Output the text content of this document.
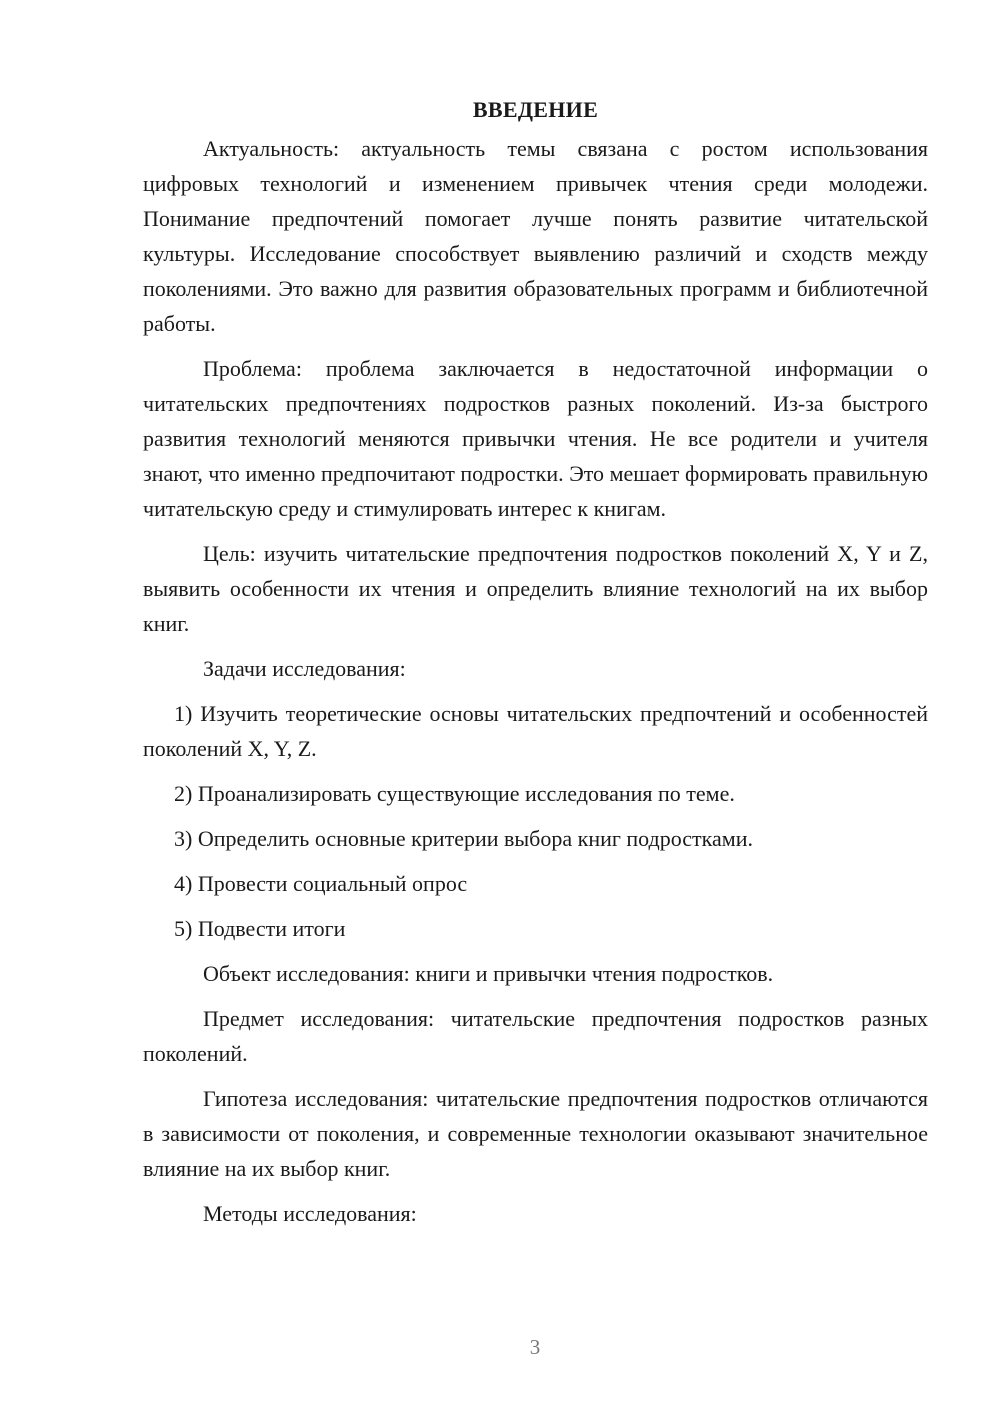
ВВЕДЕНИЕ

Актуальность: актуальность темы связана с ростом использования цифровых технологий и изменением привычек чтения среди молодежи. Понимание предпочтений помогает лучше понять развитие читательской культуры. Исследование способствует выявлению различий и сходств между поколениями. Это важно для развития образовательных программ и библиотечной работы.

Проблема: проблема заключается в недостаточной информации о читательских предпочтениях подростков разных поколений. Из-за быстрого развития технологий меняются привычки чтения. Не все родители и учителя знают, что именно предпочитают подростки. Это мешает формировать правильную читательскую среду и стимулировать интерес к книгам.

Цель: изучить читательские предпочтения подростков поколений X, Y и Z, выявить особенности их чтения и определить влияние технологий на их выбор книг.

Задачи исследования:

1) Изучить теоретические основы читательских предпочтений и особенностей поколений X, Y, Z.

2) Проанализировать существующие исследования по теме.

3) Определить основные критерии выбора книг подростками.

4) Провести социальный опрос

5) Подвести итоги

Объект исследования: книги и привычки чтения подростков.

Предмет исследования: читательские предпочтения подростков разных поколений.

Гипотеза исследования: читательские предпочтения подростков отличаются в зависимости от поколения, и современные технологии оказывают значительное влияние на их выбор книг.

Методы исследования:

3
